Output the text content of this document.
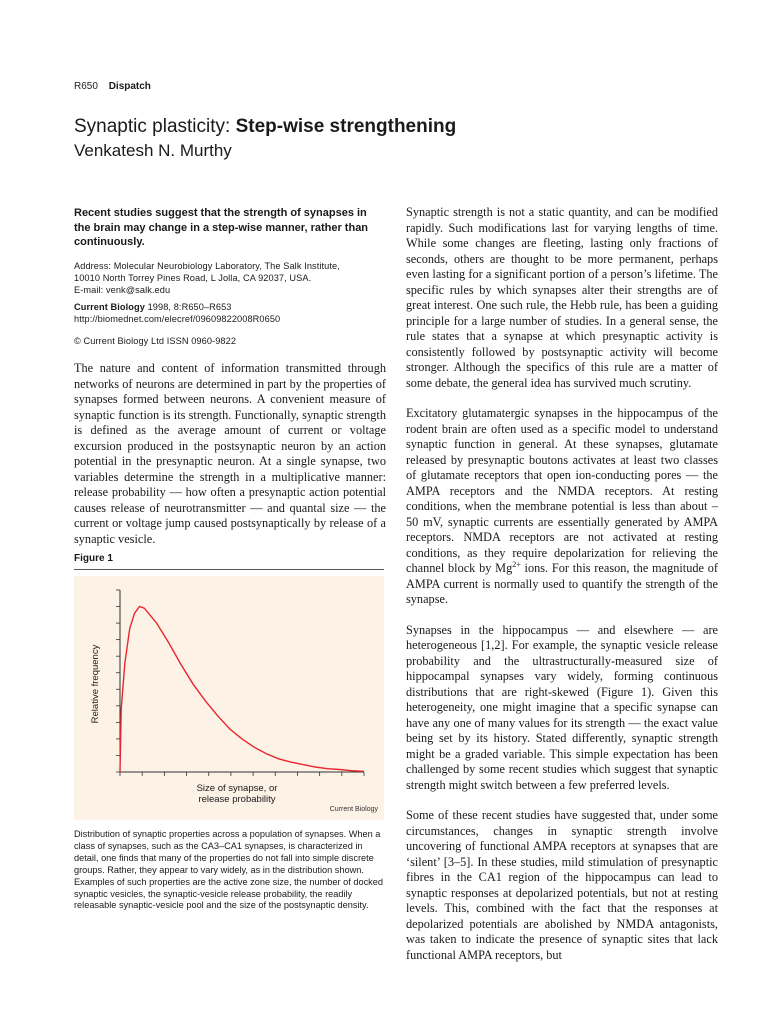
R650 Dispatch
Synaptic plasticity: Step-wise strengthening
Venkatesh N. Murthy

Recent studies suggest that the strength of synapses in the brain may change in a step-wise manner, rather than continuously.

Address: Molecular Neurobiology Laboratory, The Salk Institute,
10010 North Torrey Pines Road, L Jolla, CA 92037, USA.
E-mail: venk@salk.edu

Current Biology 1998, 8:R650–R653
http://biomednet.com/elecref/09609822008R0650

© Current Biology Ltd ISSN 0960-9822

The nature and content of information transmitted through networks of neurons are determined in part by the properties of synapses formed between neurons. A convenient measure of synaptic function is its strength. Functionally, synaptic strength is defined as the average amount of current or voltage excursion produced in the postsynaptic neuron by an action potential in the presynaptic neuron. At a single synapse, two variables determine the strength in a multiplicative manner: release probability — how often a presynaptic action potential causes release of neurotransmitter — and quantal size — the current or voltage jump caused postsynaptically by release of a synaptic vesicle.

Figure 1
Relative frequency
Size of synapse, or
release probability
Current Biology

Distribution of synaptic properties across a population of synapses. When a class of synapses, such as the CA3–CA1 synapses, is characterized in detail, one finds that many of the properties do not fall into simple discrete groups. Rather, they appear to vary widely, as in the distribution shown. Examples of such properties are the active zone size, the number of docked synaptic vesicles, the synaptic-vesicle release probability, the readily releasable synaptic-vesicle pool and the size of the postsynaptic density.

Synaptic strength is not a static quantity, and can be modified rapidly. Such modifications last for varying lengths of time. While some changes are fleeting, lasting only fractions of seconds, others are thought to be more permanent, perhaps even lasting for a significant portion of a person’s lifetime. The specific rules by which synapses alter their strengths are of great interest. One such rule, the Hebb rule, has been a guiding principle for a large number of studies. In a general sense, the rule states that a synapse at which presynaptic activity is consistently followed by postsynaptic activity will become stronger. Although the specifics of this rule are a matter of some debate, the general idea has survived much scrutiny.

Excitatory glutamatergic synapses in the hippocampus of the rodent brain are often used as a specific model to understand synaptic function in general. At these synapses, glutamate released by presynaptic boutons activates at least two classes of glutamate receptors that open ion-conducting pores — the AMPA receptors and the NMDA receptors. At resting conditions, when the membrane potential is less than about –50 mV, synaptic currents are essentially generated by AMPA receptors. NMDA receptors are not activated at resting conditions, as they require depolarization for relieving the channel block by $Mg^{2+}$ ions. For this reason, the magnitude of AMPA current is normally used to quantify the strength of the synapse.

Synapses in the hippocampus — and elsewhere — are heterogeneous [1,2]. For example, the synaptic vesicle release probability and the ultrastructurally-measured size of hippocampal synapses vary widely, forming continuous distributions that are right-skewed (Figure 1). Given this heterogeneity, one might imagine that a specific synapse can have any one of many values for its strength — the exact value being set by its history. Stated differently, synaptic strength might be a graded variable. This simple expectation has been challenged by some recent studies which suggest that synaptic strength might switch between a few preferred levels.

Some of these recent studies have suggested that, under some circumstances, changes in synaptic strength involve uncovering of functional AMPA receptors at synapses that are ‘silent’ [3–5]. In these studies, mild stimulation of presynaptic fibres in the CA1 region of the hippocampus can lead to synaptic responses at depolarized potentials, but not at resting levels. This, combined with the fact that the responses at depolarized potentials are abolished by NMDA antagonists, was taken to indicate the presence of synaptic sites that lack functional AMPA receptors, but
